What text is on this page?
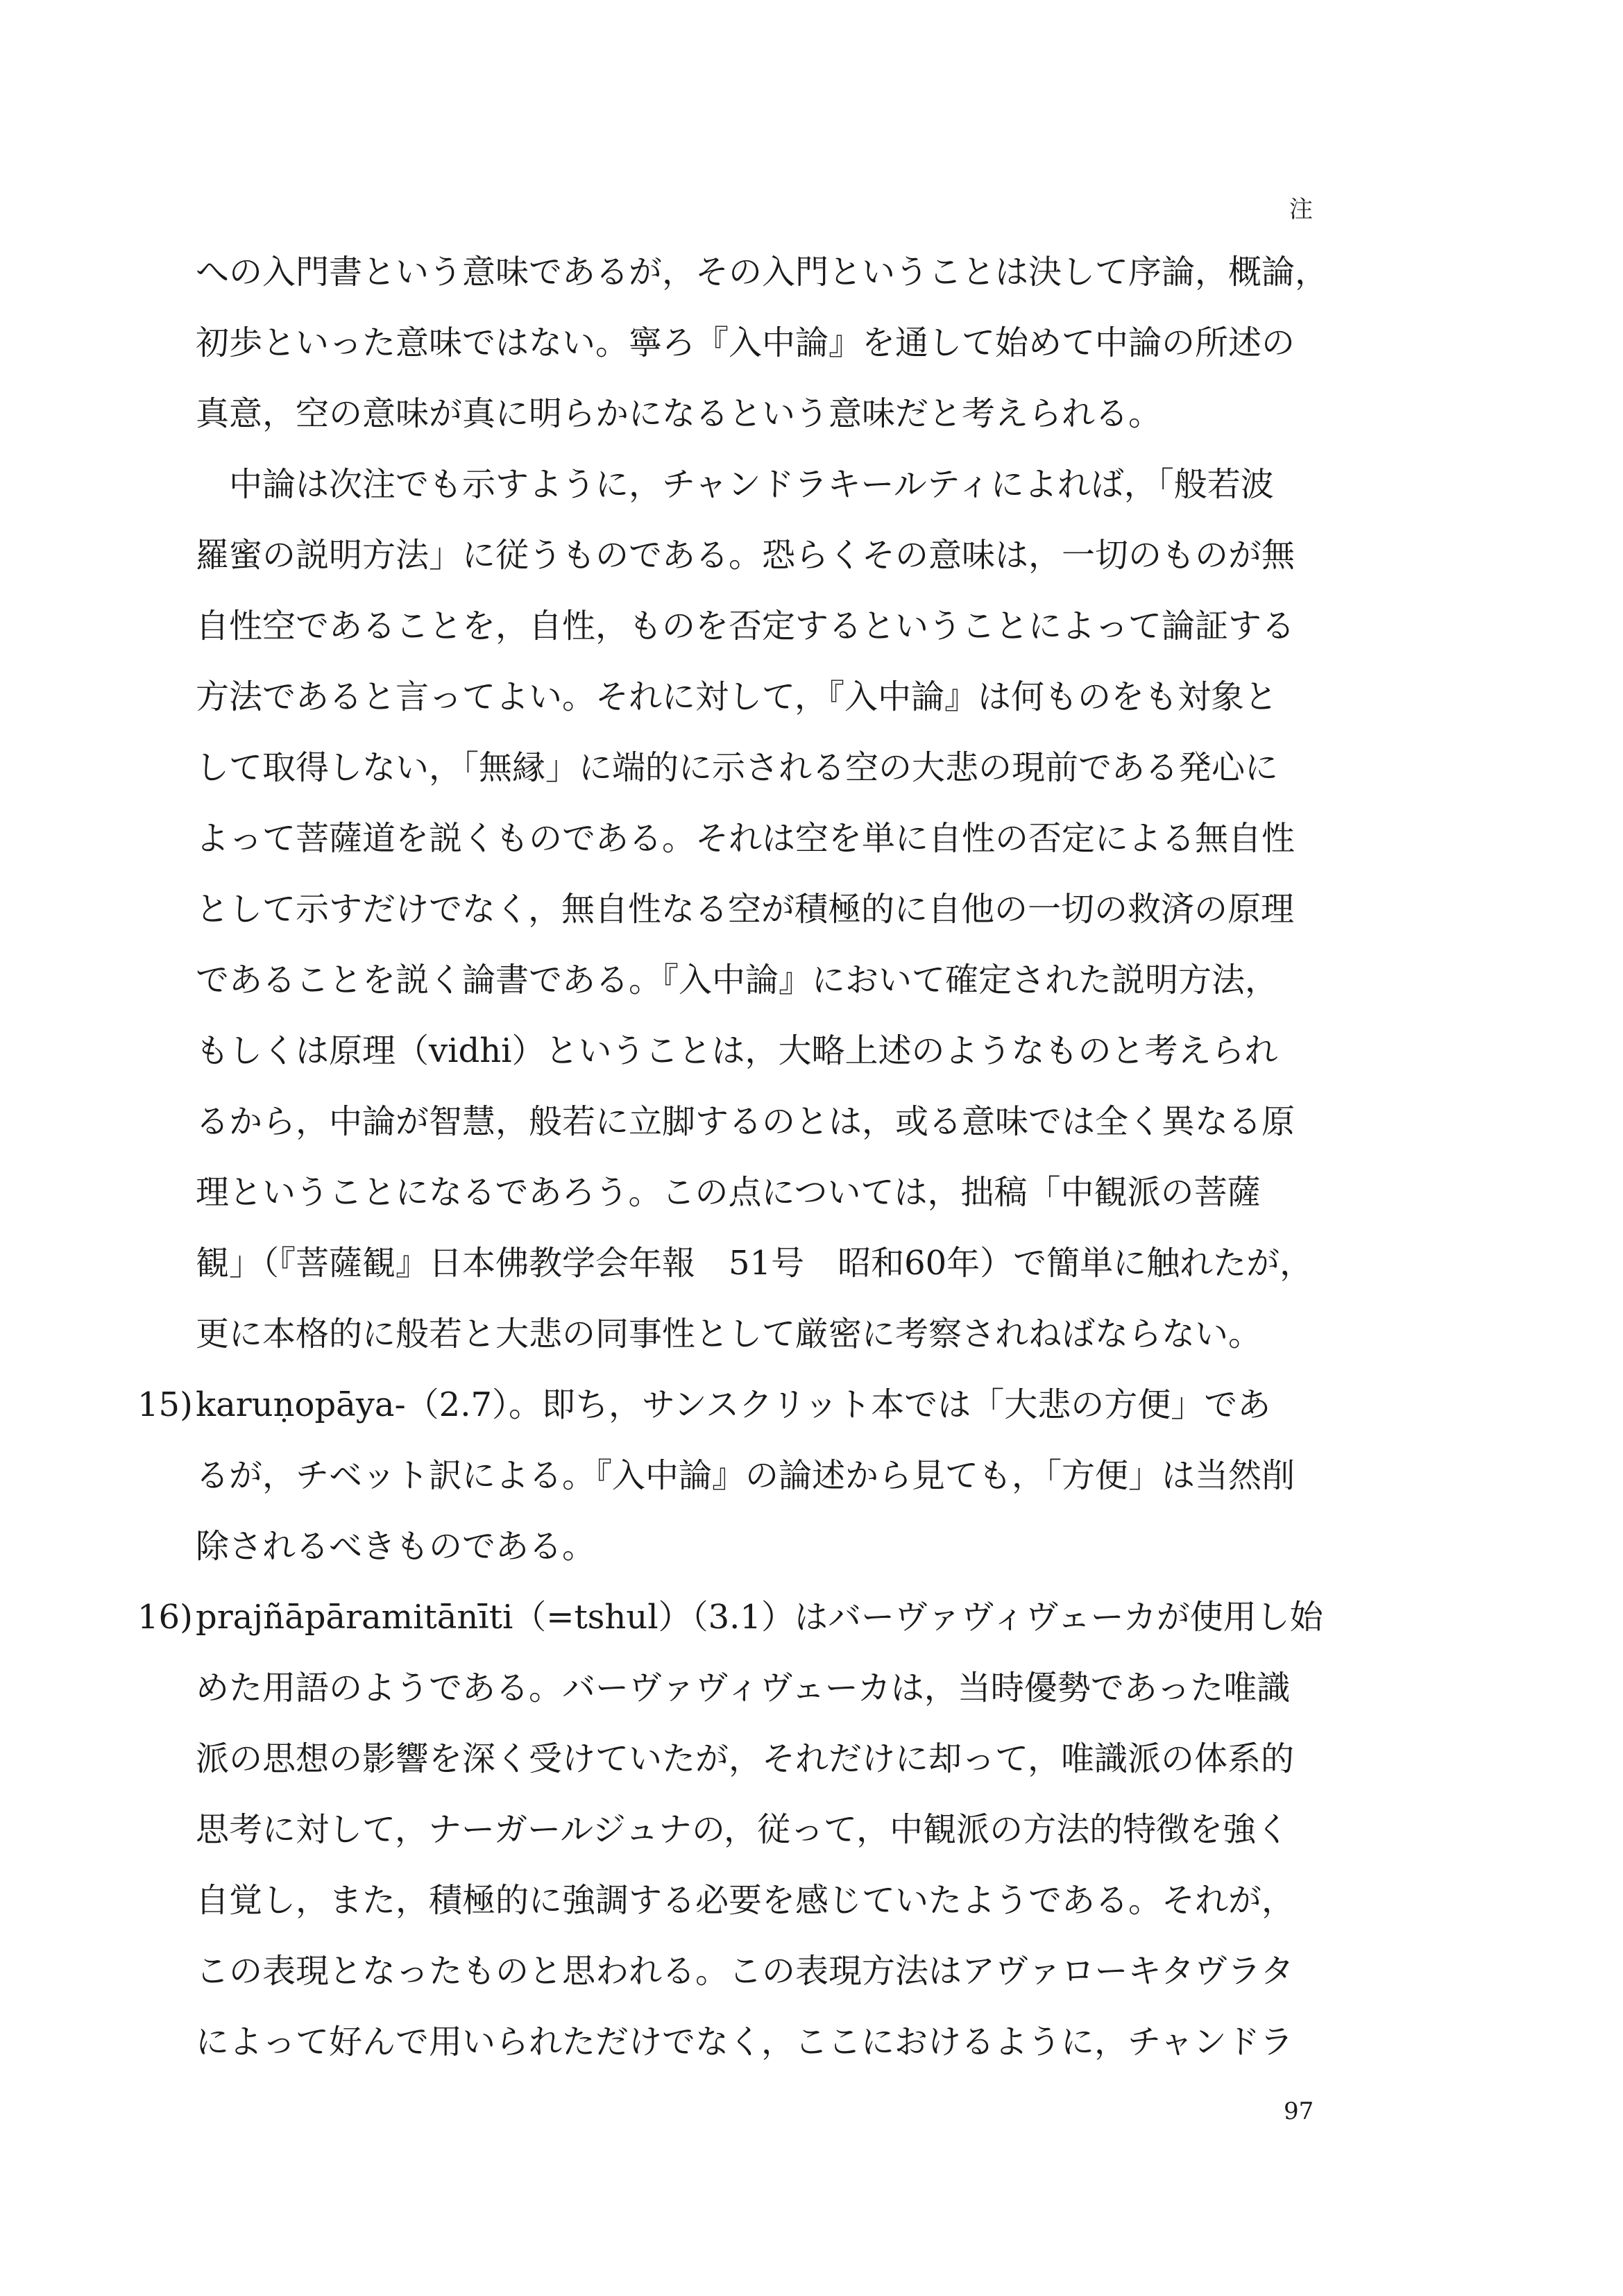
注
への入門書という意味であるが，その入門ということは決して序論，概論，
初歩といった意味ではない。寧ろ『入中論』を通して始めて中論の所述の
真意，空の意味が真に明らかになるという意味だと考えられる。
　中論は次注でも示すように，チャンドラキールティによれば，「般若波
羅蜜の説明方法」に従うものである。恐らくその意味は，一切のものが無
自性空であることを，自性，ものを否定するということによって論証する
方法であると言ってよい。それに対して，『入中論』は何ものをも対象と
して取得しない，「無縁」に端的に示される空の大悲の現前である発心に
よって菩薩道を説くものである。それは空を単に自性の否定による無自性
として示すだけでなく，無自性なる空が積極的に自他の一切の救済の原理
であることを説く論書である。『入中論』において確定された説明方法，
もしくは原理（vidhi）ということは，大略上述のようなものと考えられ
るから，中論が智慧，般若に立脚するのとは，或る意味では全く異なる原
理ということになるであろう。この点については，拙稿「中観派の菩薩
観」（『菩薩観』日本佛教学会年報　51号　昭和60年）で簡単に触れたが，
更に本格的に般若と大悲の同事性として厳密に考察されねばならない。
15) karuṇopāya-（2.7）。即ち，サンスクリット本では「大悲の方便」であ
るが，チベット訳による。『入中論』の論述から見ても，「方便」は当然削
除されるべきものである。
16) prajñāpāramitānīti（=tshul）（3.1）はバーヴァヴィヴェーカが使用し始
めた用語のようである。バーヴァヴィヴェーカは，当時優勢であった唯識
派の思想の影響を深く受けていたが，それだけに却って，唯識派の体系的
思考に対して，ナーガールジュナの，従って，中観派の方法的特徴を強く
自覚し，また，積極的に強調する必要を感じていたようである。それが，
この表現となったものと思われる。この表現方法はアヴァローキタヴラタ
によって好んで用いられただけでなく，ここにおけるように，チャンドラ
97
